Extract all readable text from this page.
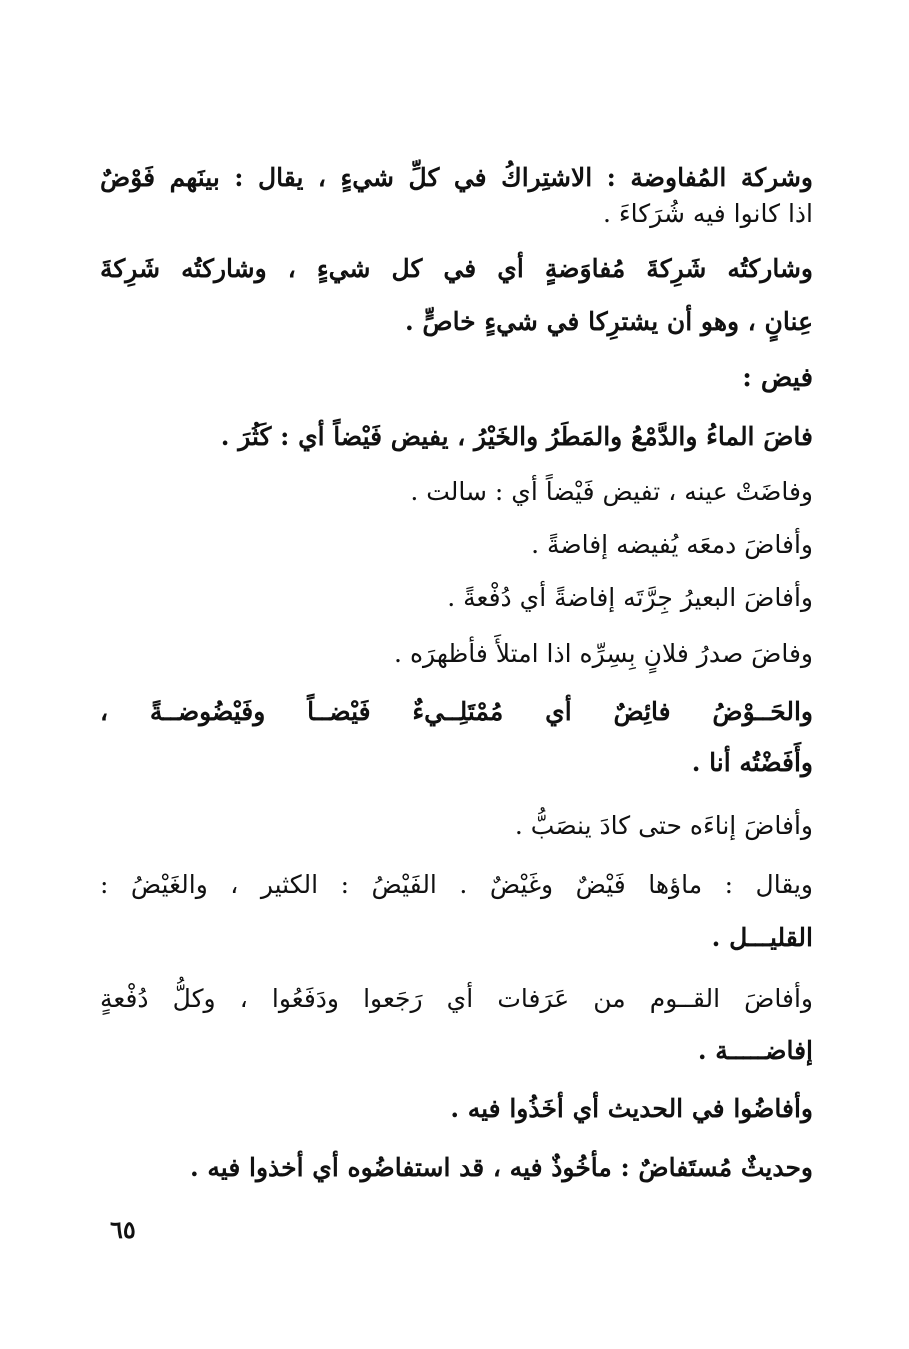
وشركة المُفاوضة : الاشتِراكُ في كلِّ شيءٍ ، يقال : بينَهم فَوْضٌ
اذا كانوا فيه شُرَكاءَ .
وشاركتُه شَرِكةَ مُفاوَضةٍ أي في كل شيءٍ ، وشاركتُه شَرِكةَ
عِنانٍ ، وهو أن يشترِكا في شيءٍ خاصٍّ .
فيض :
فاضَ الماءُ والدَّمْعُ والمَطَرُ والخَيْرُ ، يفيض فَيْضاً أي : كَثُرَ .
وفاضَتْ عينه ، تفيض فَيْضاً أي : سالت .
وأفاضَ دمعَه يُفيضه إفاضةً .
وأفاضَ البعيرُ جِرَّتَه إفاضةً أي دُفْعةً .
وفاضَ صدرُ فلانٍ بِسِرِّه اذا امتلأَ فأظهرَه .
والحَــوْضُ فائِضٌ أي مُمْتَلِــيءٌ فَيْضــاً وفَيْضُوضــةً ،
وأَفَضْتُه أنا .
وأفاضَ إناءَه حتى كادَ ينصَبُّ .
ويقال : ماؤها فَيْضٌ وغَيْضٌ . الفَيْضُ : الكثير ، والغَيْضُ :
القليـــل .
وأفاضَ القــوم من عَرَفات أي رَجَعوا ودَفَعُوا ، وكلُّ دُفْعةٍ
إفاضـــــة .
وأفاضُوا في الحديث أي أخَذُوا فيه .
وحديثٌ مُستَفاضٌ : مأخُوذٌ فيه ، قد استفاضُوه أي أخذوا فيه .
٦٥
